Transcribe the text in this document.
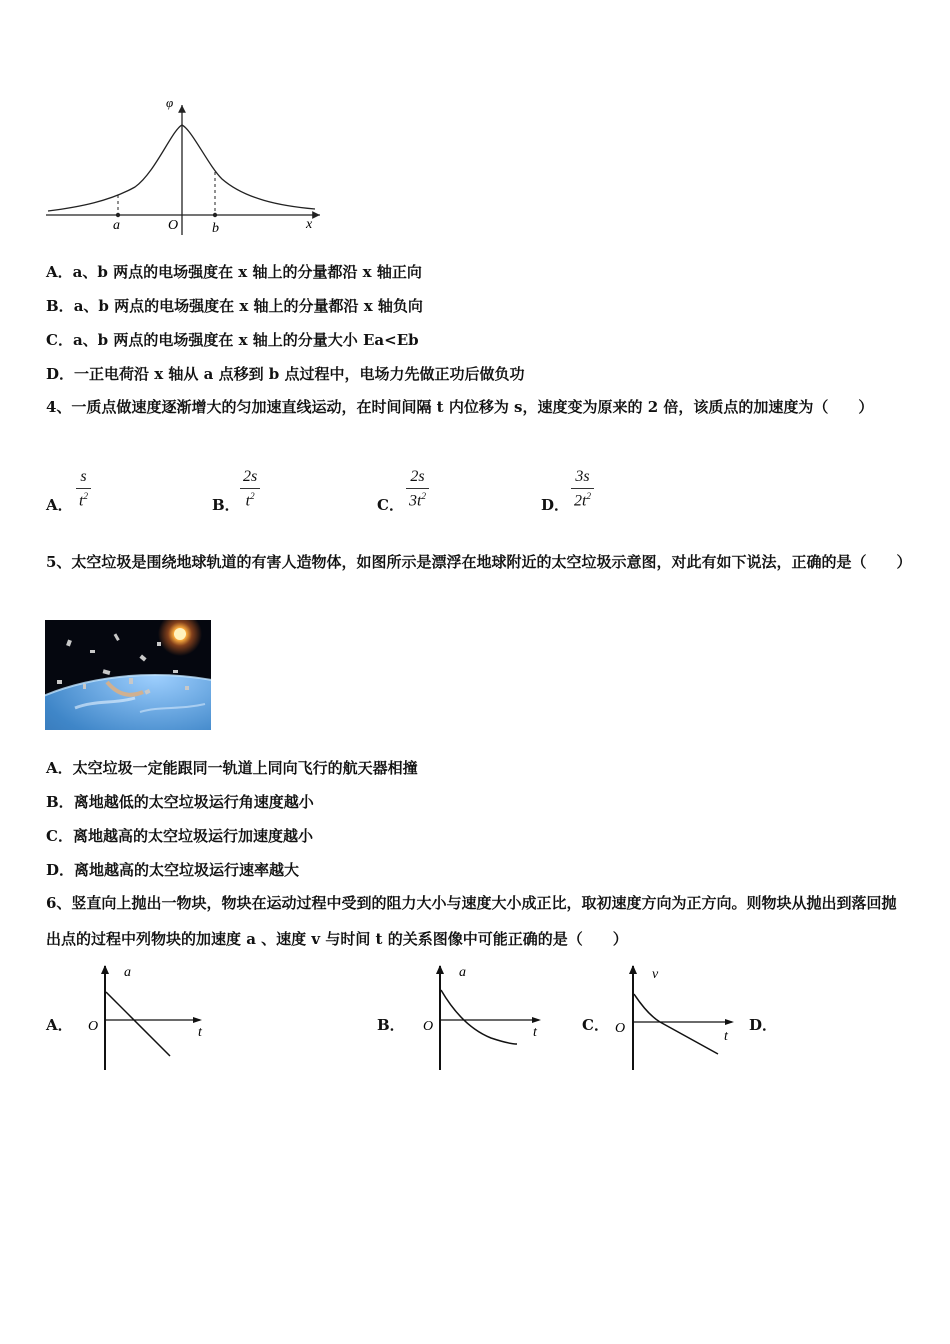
φ
a	O b	x
A．a、b 两点的电场强度在 x 轴上的分量都沿 x 轴正向
B．a、b 两点的电场强度在 x 轴上的分量都沿 x 轴负向
C．a、b 两点的电场强度在 x 轴上的分量大小 Ea<Eb
D．一正电荷沿 x 轴从 a 点移到 b 点过程中，电场力先做正功后做负功
4、一质点做速度逐渐增大的匀加速直线运动，在时间间隔 t 内位移为 s，速度变为原来的 2 倍，该质点的加速度为（　　）
A．
s
$t^2$	B．
2s
$t^2$	C．
2s
$3t^2$	D．
3s
$2t^2$
5、太空垃圾是围绕地球轨道的有害人造物体，如图所示是漂浮在地球附近的太空垃圾示意图，对此有如下说法，正确的是（　　）
A．太空垃圾一定能跟同一轨道上同向飞行的航天器相撞
B．离地越低的太空垃圾运行角速度越小
C．离地越高的太空垃圾运行加速度越小
D．离地越高的太空垃圾运行速率越大
6、竖直向上抛出一物块，物块在运动过程中受到的阻力大小与速度大小成正比，取初速度方向为正方向。则物块从抛出到落回抛出点的过程中列物块的加速度 a 、速度 v 与时间 t 的关系图像中可能正确的是（　　）
A．
a
O	t	B．
a
O	t	C．
v
O
t
D．
